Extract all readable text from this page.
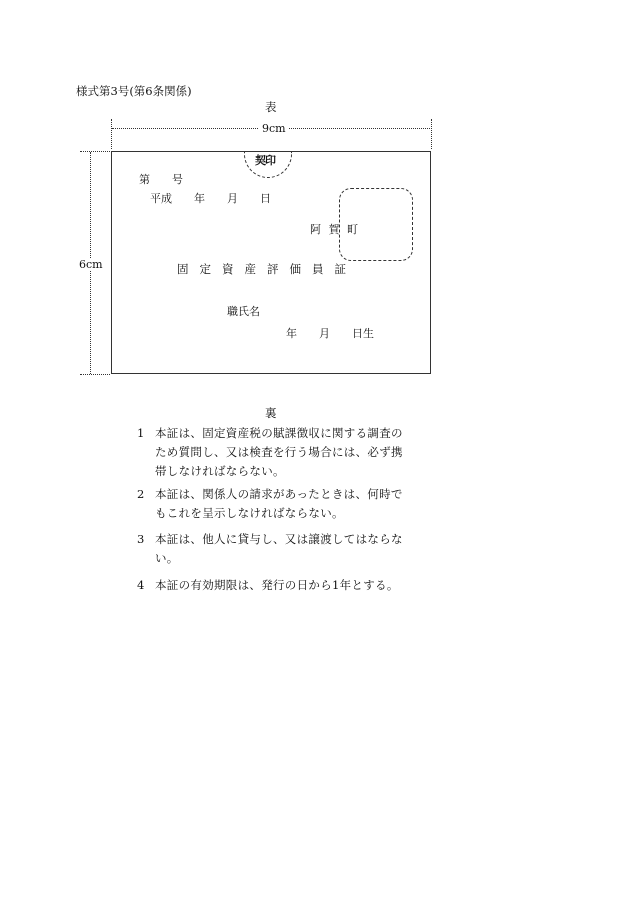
様式第3号(第6条関係)
表
9cm
6cm
契印
第　　号
平成　　年　　月　　日
阿 賀 町
固定資産評価員証
職氏名
年　　月　　日生
裏
1 本証は、固定資産税の賦課徴収に関する調査のため質問し、又は検査を行う場合には、必ず携帯しなければならない。
2 本証は、関係人の請求があったときは、何時でもこれを呈示しなければならない。
3 本証は、他人に貸与し、又は譲渡してはならない。
4 本証の有効期限は、発行の日から1年とする。
